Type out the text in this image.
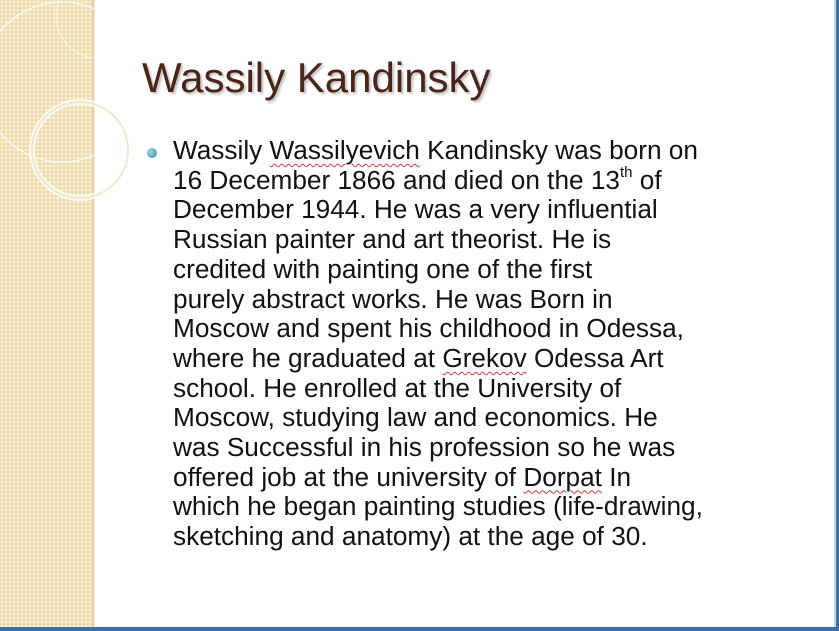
Wassily Kandinsky
Wassily Wassilyevich Kandinsky was born on
16 December 1866 and died on the 13th of
December 1944. He was a very influential
Russian painter and art theorist. He is
credited with painting one of the first
purely abstract works. He was Born in
Moscow and spent his childhood in Odessa,
where he graduated at Grekov Odessa Art
school. He enrolled at the University of
Moscow, studying law and economics. He
was Successful in his profession so he was
offered job at the university of Dorpat In
which he began painting studies (life-drawing,
sketching and anatomy) at the age of 30.
